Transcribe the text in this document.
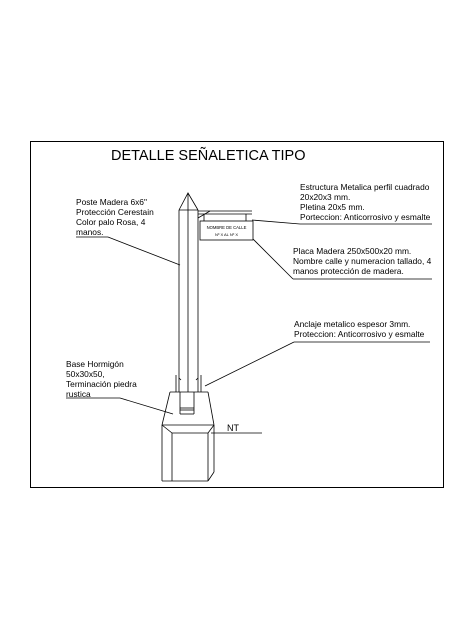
DETALLE SEÑALETICA TIPO
Poste Madera 6x6"
Protección Cerestain
Color palo Rosa, 4
manos.
Estructura Metalica perfil cuadrado
20x20x3 mm.
Pletina 20x5 mm.
Porteccion: Anticorrosivo y esmalte
Placa Madera 250x500x20 mm.
Nombre calle y numeracion tallado, 4
manos protección de madera.
Anclaje metalico espesor 3mm.
Proteccion: Anticorrosivo y esmalte
Base Hormigón
50x30x50,
Terminación piedra
rustica
NT
NOMBRE DE CALLE
Nº X AL Nº X
